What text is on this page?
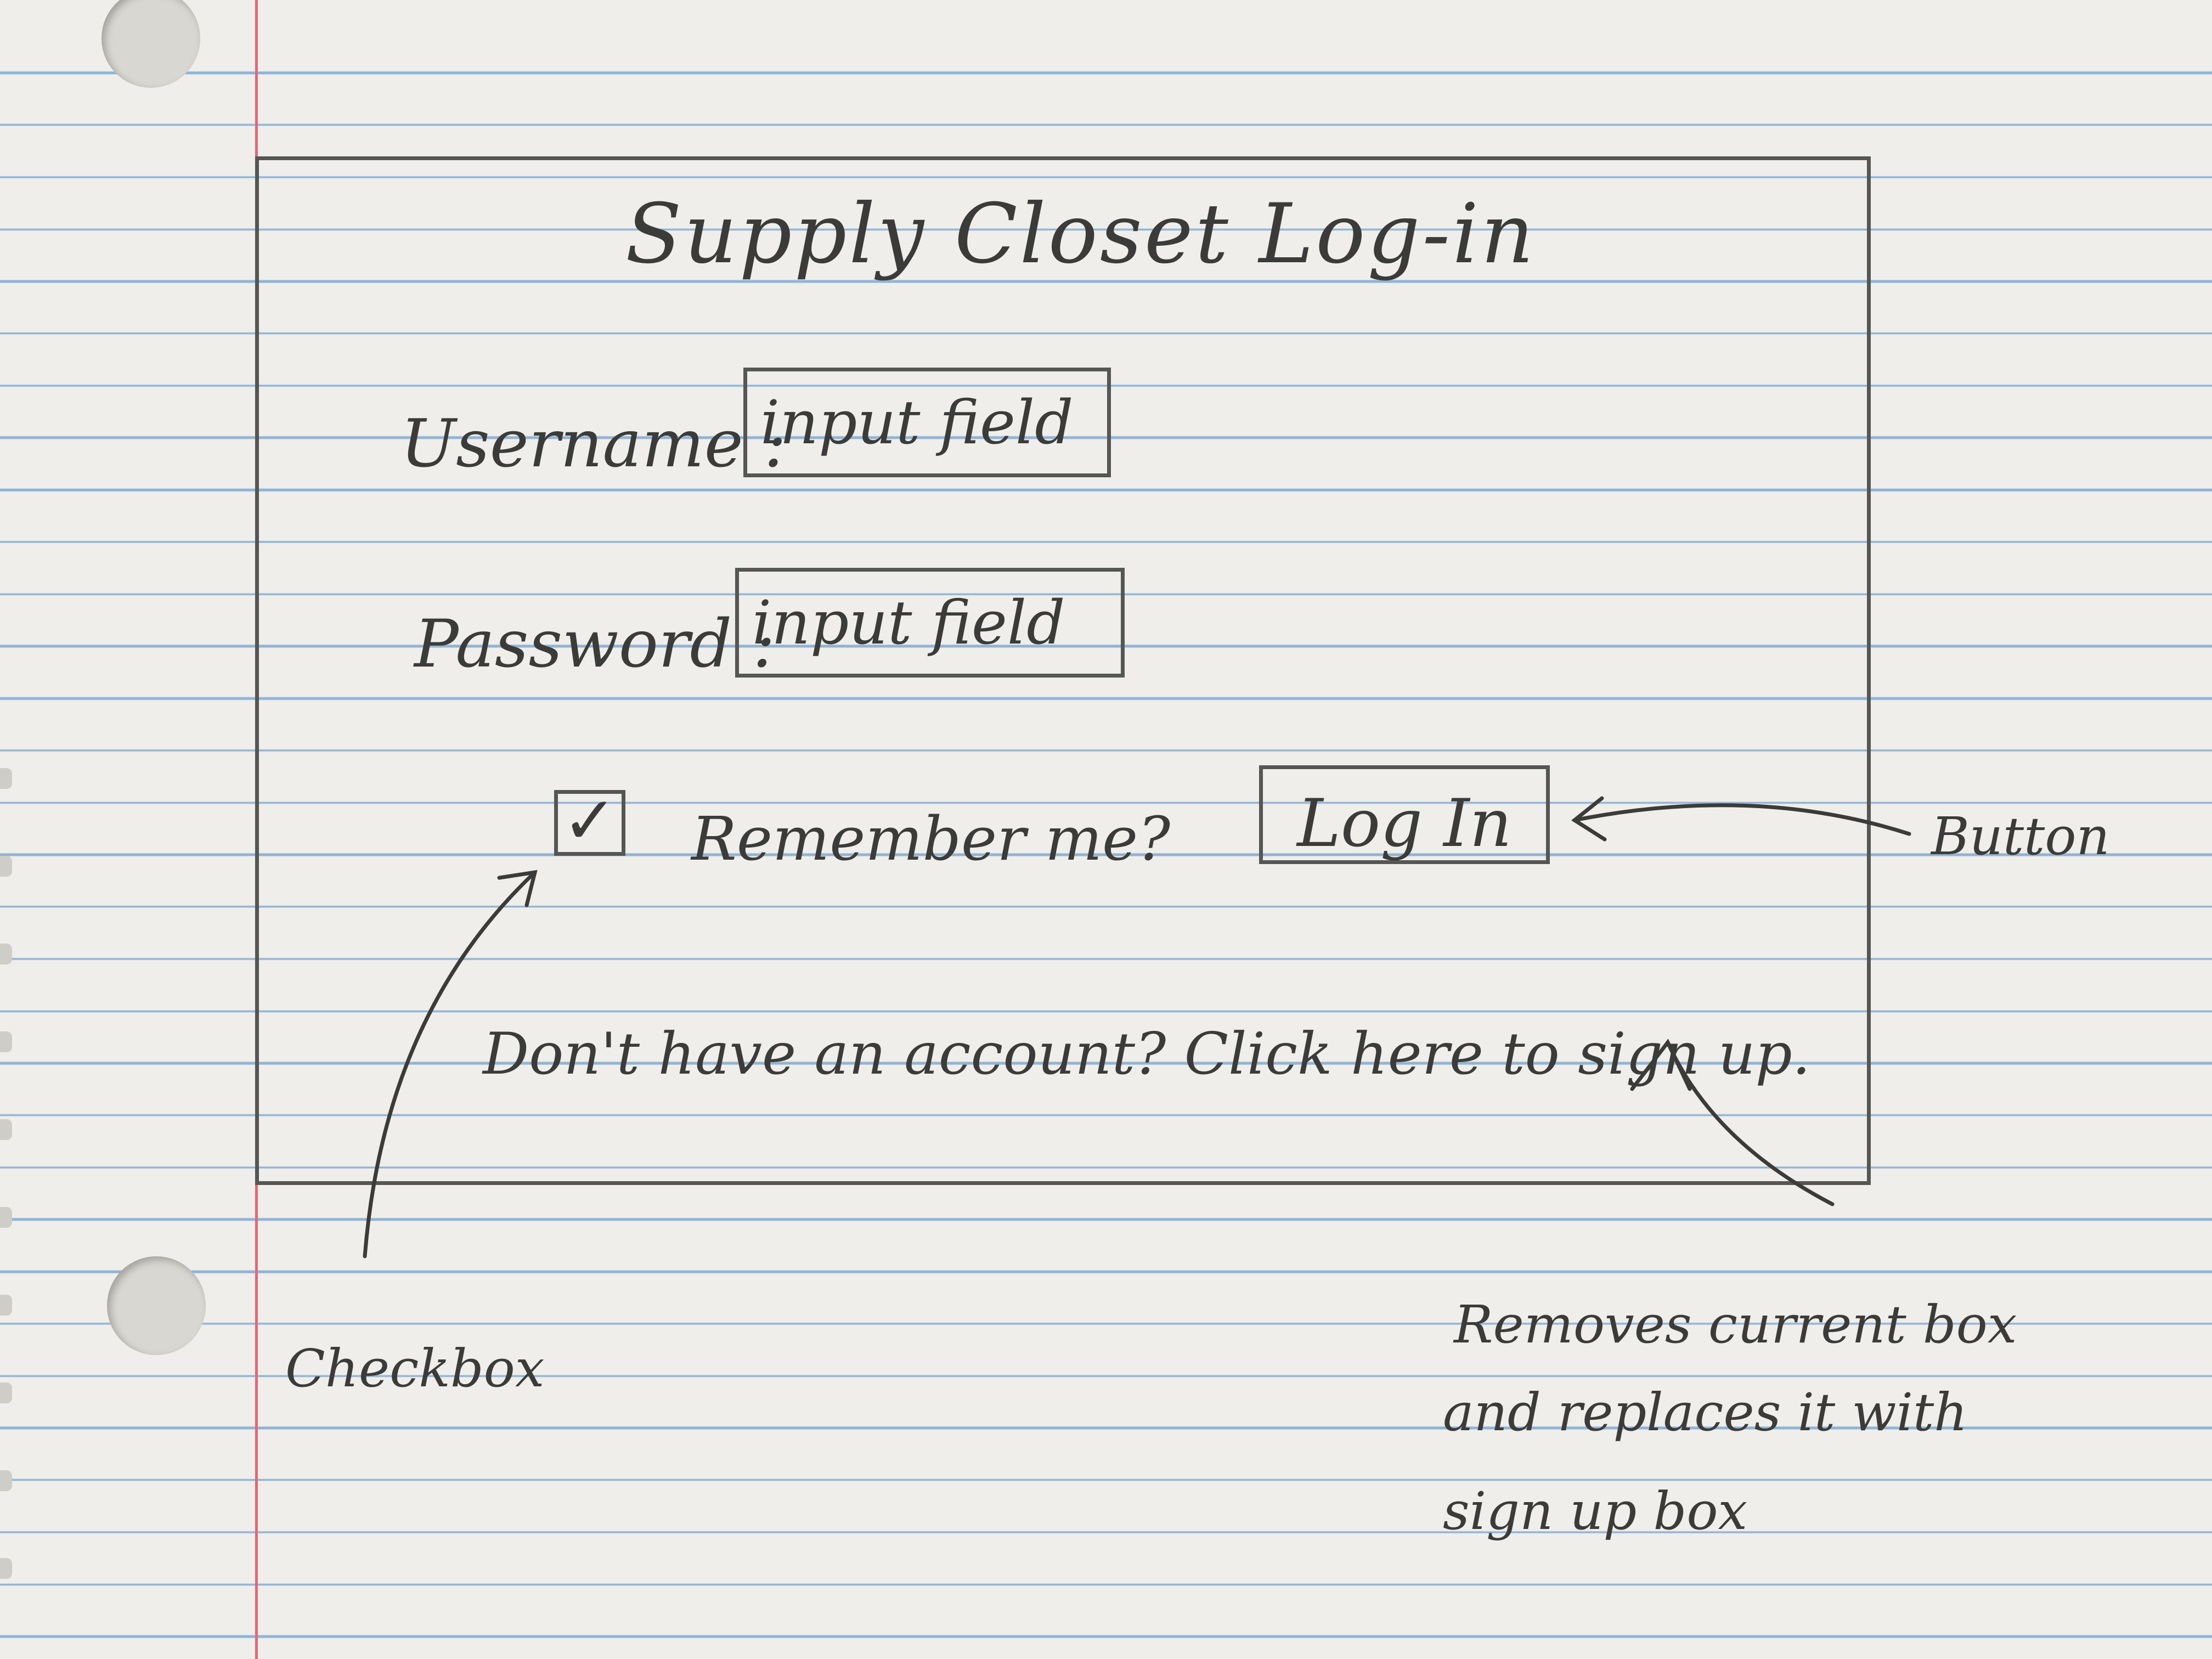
Supply Closet Log-in
Username :
input field
Password :
input field
✓ Remember me?	Log In
Don't have an account? Click here to sign up.
Button
Checkbox
Removes current box
and replaces it with
sign up box
